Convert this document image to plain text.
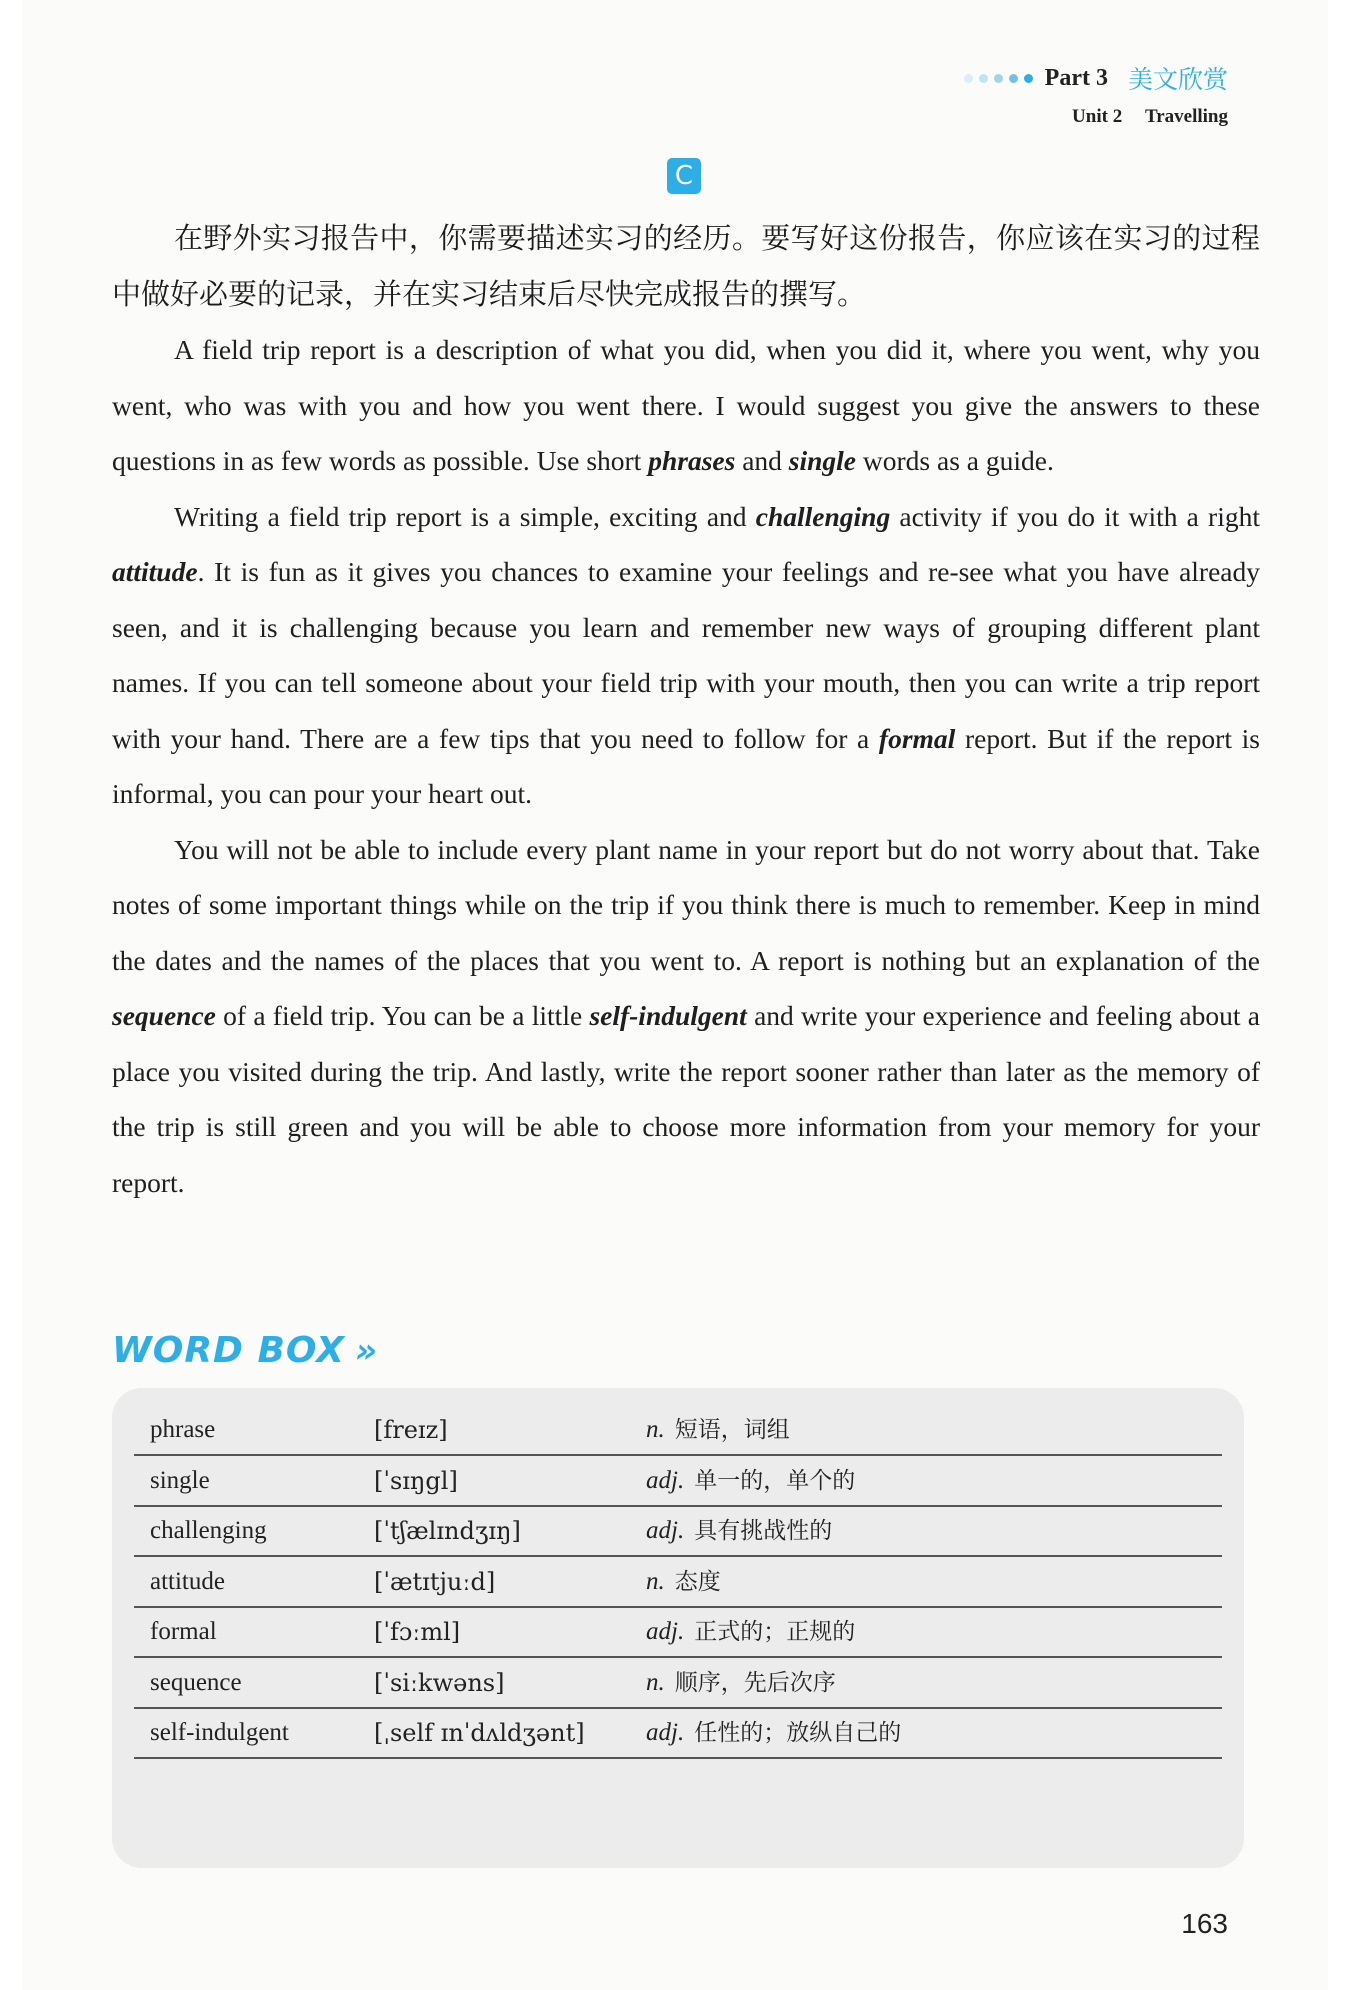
Part 3 美文欣赏
Unit 2 Travelling
C

在野外实习报告中，你需要描述实习的经历。要写好这份报告，你应该在实习的过程中做好必要的记录，并在实习结束后尽快完成报告的撰写。

A field trip report is a description of what you did, when you did it, where you went, why you went, who was with you and how you went there. I would suggest you give the answers to these questions in as few words as possible. Use short phrases and single words as a guide.

Writing a field trip report is a simple, exciting and challenging activity if you do it with a right attitude. It is fun as it gives you chances to examine your feelings and re-see what you have already seen, and it is challenging because you learn and remember new ways of grouping different plant names. If you can tell someone about your field trip with your mouth, then you can write a trip report with your hand. There are a few tips that you need to follow for a formal report. But if the report is informal, you can pour your heart out.

You will not be able to include every plant name in your report but do not worry about that. Take notes of some important things while on the trip if you think there is much to remember. Keep in mind the dates and the names of the places that you went to. A report is nothing but an explanation of the sequence of a field trip. You can be a little self-indulgent and write your experience and feeling about a place you visited during the trip. And lastly, write the report sooner rather than later as the memory of the trip is still green and you will be able to choose more information from your memory for your report.

WORD BOX »
phrase	[freɪz]	n. 短语，词组
single	[ˈsɪŋgl]	adj. 单一的，单个的
challenging	[ˈtʃælɪndʒɪŋ]	adj. 具有挑战性的
attitude	[ˈætɪtjuːd]	n. 态度
formal	[ˈfɔːml]	adj. 正式的；正规的
sequence	[ˈsiːkwəns]	n. 顺序，先后次序
self-indulgent	[ˌself ɪnˈdʌldʒənt] adj. 任性的；放纵自己的
163
